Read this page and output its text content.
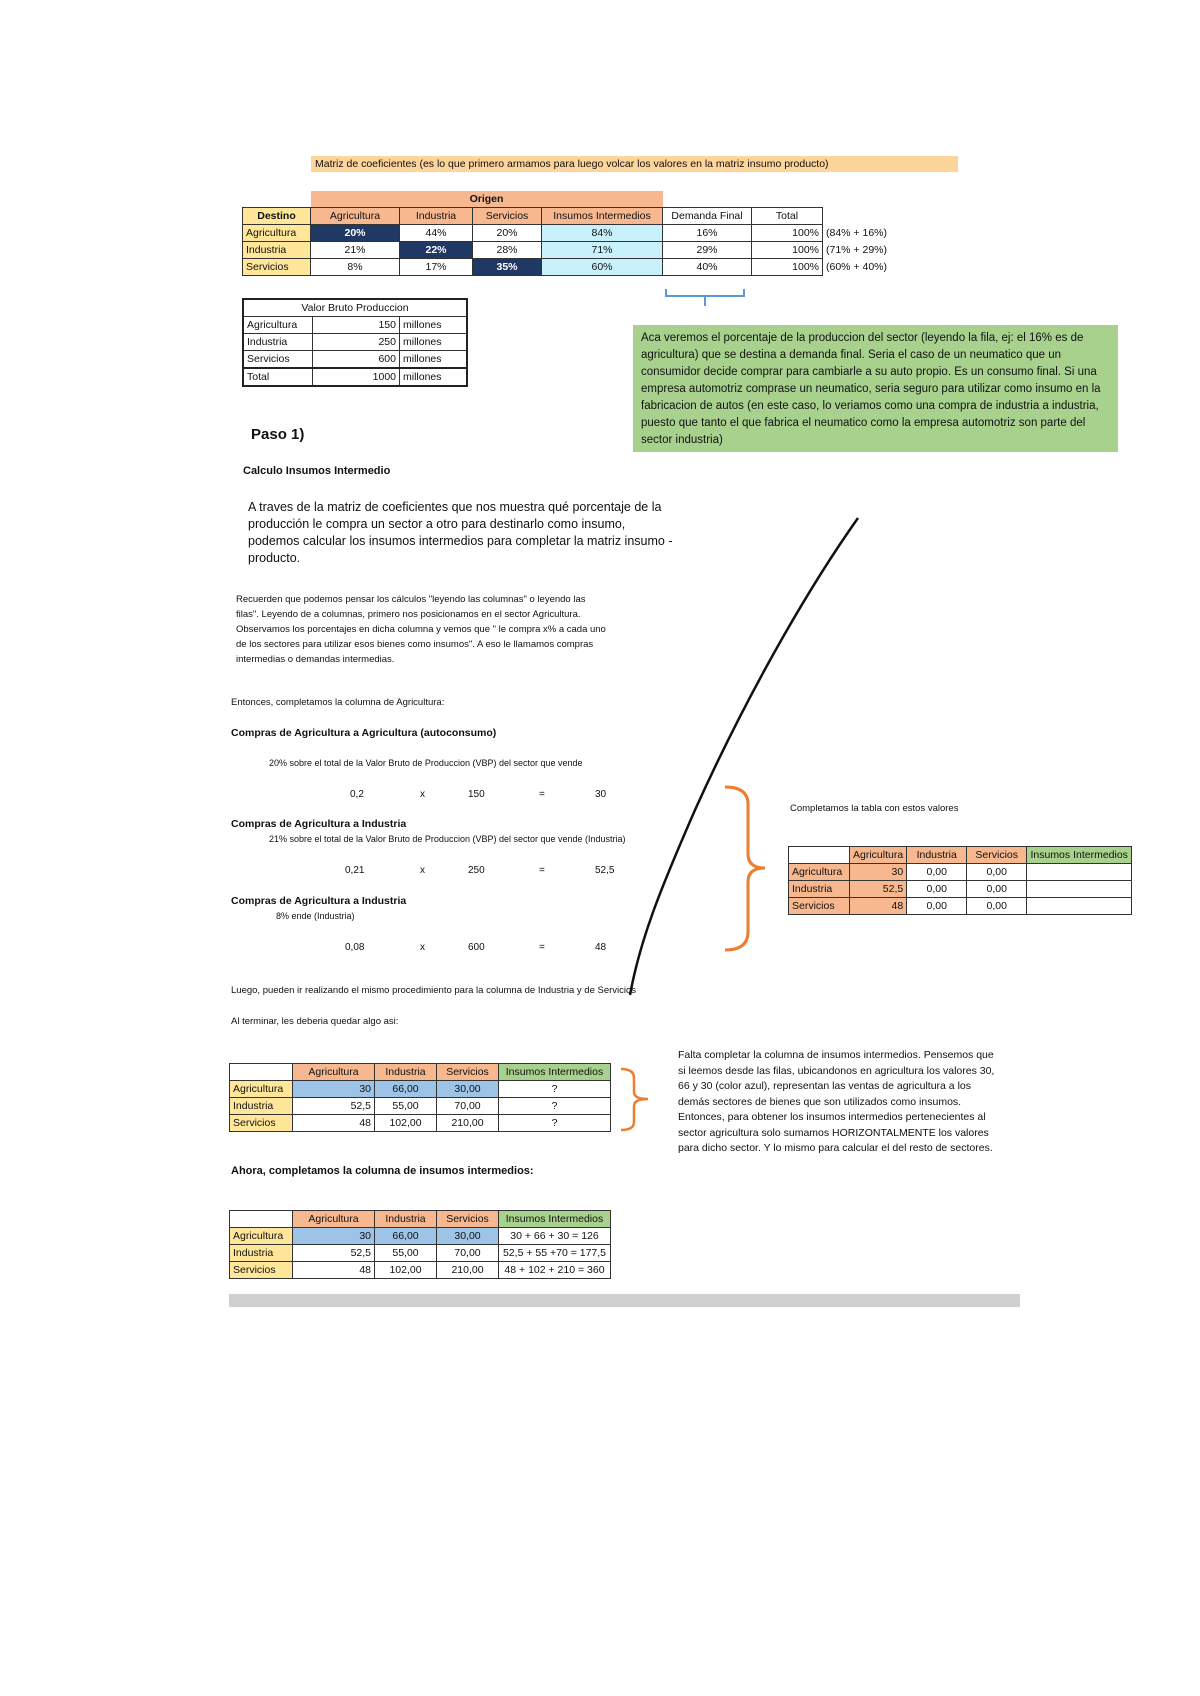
Matriz de coeficientes (es lo que primero armamos para luego volcar los valores en la matriz insumo producto)
	Origen						
Destino	Agricultura	Industria	Servicios	Insumos Intermedios	Demanda Final	Total	
Agricultura	20%	44%	20%	84%	16%	100%	(84% + 16%)
Industria	21%	22%	28%	71%	29%	100%	(71% + 29%)
Servicios	8%	17%	35%	60%	40%	100%	(60% + 40%)
Valor Bruto Produccion		
Agricultura	150	millones
Industria	250	millones
Servicios	600	millones
Total	1000	millones
Aca veremos el porcentaje de la produccion del sector (leyendo la fila, ej: el 16% es de agricultura) que se destina a demanda final. Seria el caso de un neumatico que un consumidor decide comprar para cambiarle a su auto propio. Es un consumo final. Si una empresa automotriz comprase un neumatico, seria seguro para utilizar como insumo en la fabricacion de autos (en este caso, lo veriamos como una compra de industria a industria, puesto que tanto el que fabrica el neumatico como la empresa automotriz son parte del sector industria)
Paso 1)
Calculo Insumos Intermedio
A traves de la matriz de coeficientes que nos muestra qué porcentaje de la producción le compra un sector a otro para destinarlo como insumo, podemos calcular los insumos intermedios para completar la matriz insumo - producto.
Recuerden que podemos pensar los cálculos "leyendo las columnas" o leyendo las filas". Leyendo de a columnas, primero nos posicionamos en el sector Agricultura. Observamos los porcentajes en dicha columna y vemos que " le compra x% a cada uno de los sectores para utilizar esos bienes como insumos". A eso le llamamos compras intermedias o demandas intermedias.
Entonces, completamos la columna de Agricultura:
Compras de Agricultura a Agricultura (autoconsumo)
20% sobre el total de la Valor Bruto de Produccion (VBP) del sector que vende
0,2	x	150	=	30
Compras de Agricultura a Industria
21% sobre el total de la Valor Bruto de Produccion (VBP) del sector que vende (Industria)
0,21	x	250	=	52,5
Compras de Agricultura a Industria
8% ende (Industria)
0,08	x	600	=	48
Completamos la tabla con estos valores
	Agricultura	Industria	Servicios	Insumos Intermedios
Agricultura	30	0,00	0,00	
Industria	52,5	0,00	0,00	
Servicios	48	0,00	0,00	
Luego, pueden ir realizando el mismo procedimiento para la columna de Industria y de Servicios
Al terminar, les deberia quedar algo asi:
	Agricultura	Industria	Servicios	Insumos Intermedios
Agricultura	30	66,00	30,00	?
Industria	52,5	55,00	70,00	?
Servicios	48	102,00	210,00	?
Falta completar la columna de insumos intermedios. Pensemos que si leemos desde las filas, ubicandonos en agricultura los valores 30, 66 y 30 (color azul), representan las ventas de agricultura a los demás sectores de bienes que son utilizados como insumos. Entonces, para obtener los insumos intermedios pertenecientes al sector agricultura solo sumamos HORIZONTALMENTE los valores para dicho sector. Y lo mismo para calcular el del resto de sectores.
Ahora, completamos la columna de insumos intermedios:
	Agricultura	Industria	Servicios	Insumos Intermedios
Agricultura	30	66,00	30,00	30 + 66 + 30 = 126
Industria	52,5	55,00	70,00	52,5 + 55 +70 = 177,5
Servicios	48	102,00	210,00	48 + 102 + 210 = 360
